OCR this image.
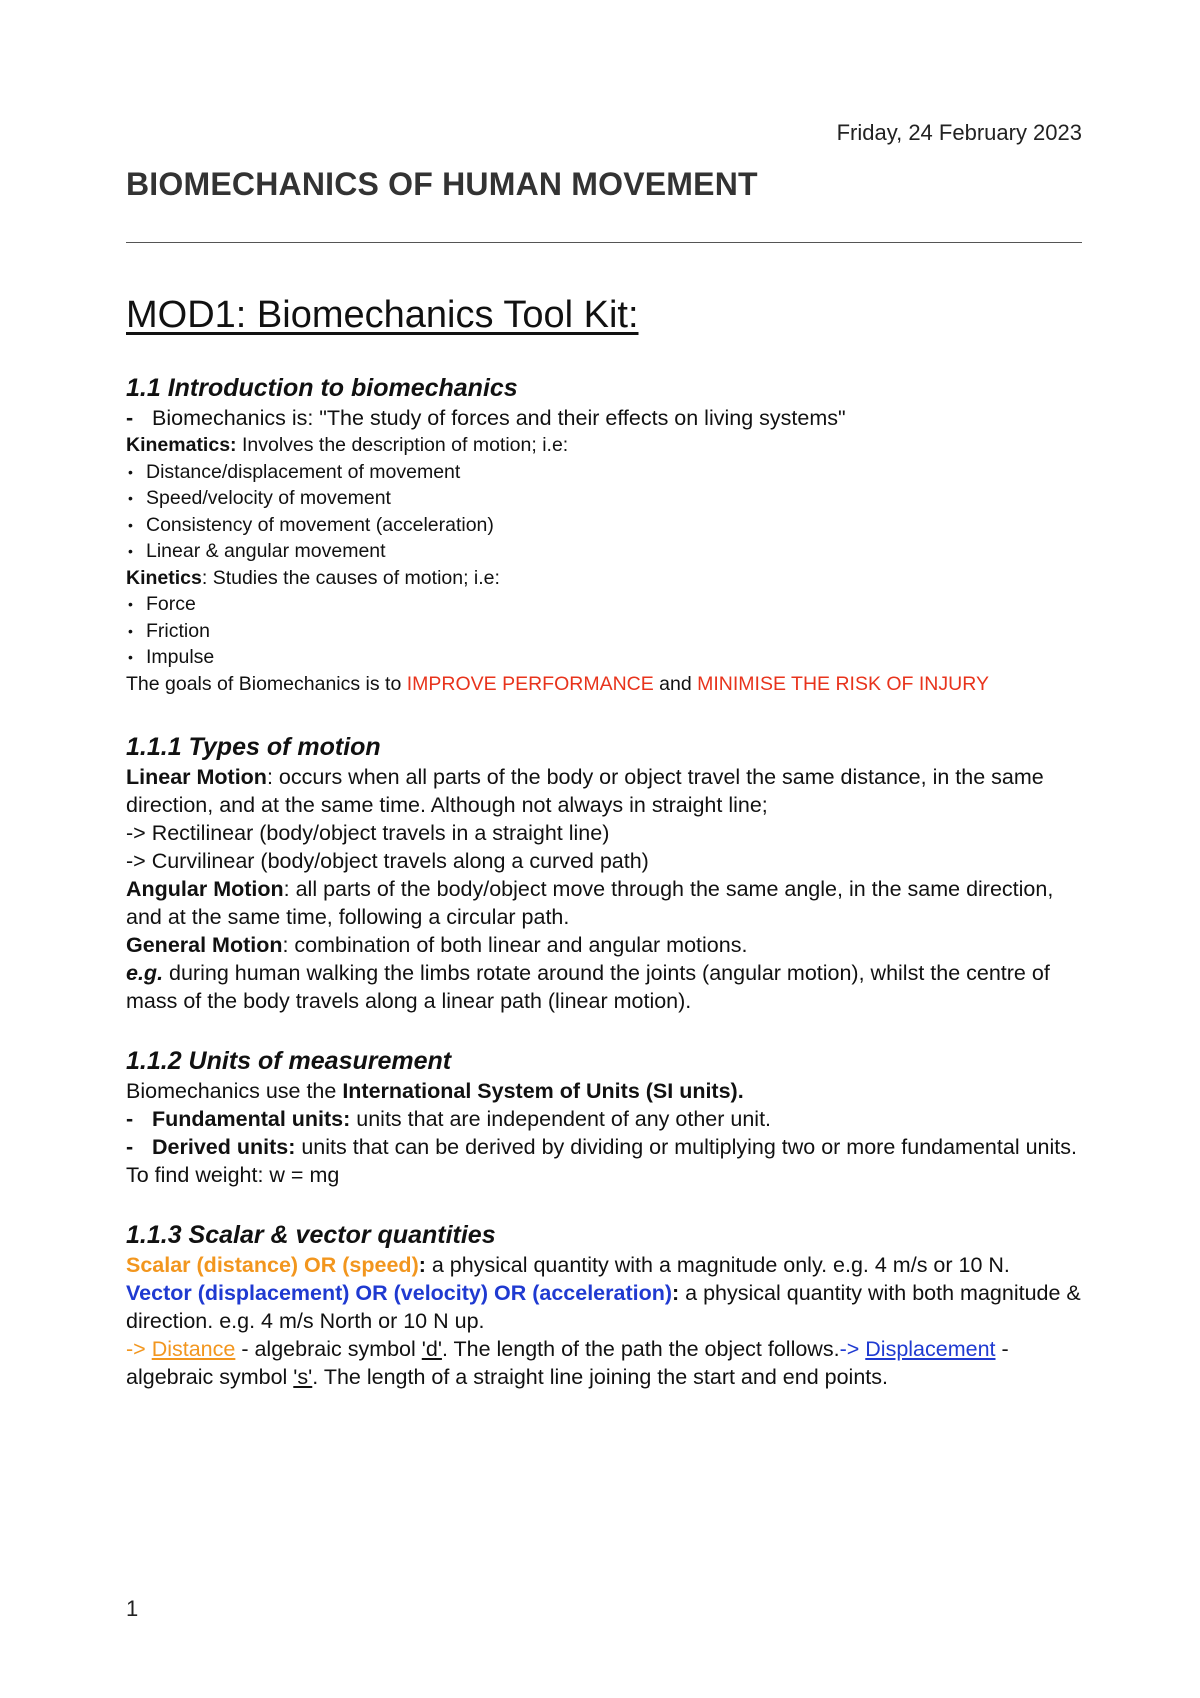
Friday, 24 February 2023
BIOMECHANICS OF HUMAN MOVEMENT
MOD1: Biomechanics Tool Kit:
1.1 Introduction to biomechanics
- Biomechanics is: "The study of forces and their effects on living systems"

Kinematics: Involves the description of motion; i.e:

• Distance/displacement of movement
• Speed/velocity of movement
• Consistency of movement (acceleration)
• Linear & angular movement

Kinetics: Studies the causes of motion; i.e:

• Force
• Friction
• Impulse

The goals of Biomechanics is to IMPROVE PERFORMANCE and MINIMISE THE RISK OF INJURY

1.1.1 Types of motion

Linear Motion: occurs when all parts of the body or object travel the same distance, in the same direction, and at the same time. Although not always in straight line;

-> Rectilinear (body/object travels in a straight line)

-> Curvilinear (body/object travels along a curved path)

Angular Motion: all parts of the body/object move through the same angle, in the same direction, and at the same time, following a circular path.

General Motion: combination of both linear and angular motions.

e.g. during human walking the limbs rotate around the joints (angular motion), whilst the centre of mass of the body travels along a linear path (linear motion).

1.1.2 Units of measurement

Biomechanics use the International System of Units (SI units).

- Fundamental units: units that are independent of any other unit.
- Derived units: units that can be derived by dividing or multiplying two or more fundamental units.

To find weight: w = mg

1.1.3 Scalar & vector quantities

Scalar (distance) OR (speed): a physical quantity with a magnitude only. e.g. 4 m/s or 10 N.

Vector (displacement) OR (velocity) OR (acceleration): a physical quantity with both magnitude & direction. e.g. 4 m/s North or 10 N up.

-> Distance - algebraic symbol 'd'. The length of the path the object follows.-> Displacement - algebraic symbol 's'. The length of a straight line joining the start and end points.

1
